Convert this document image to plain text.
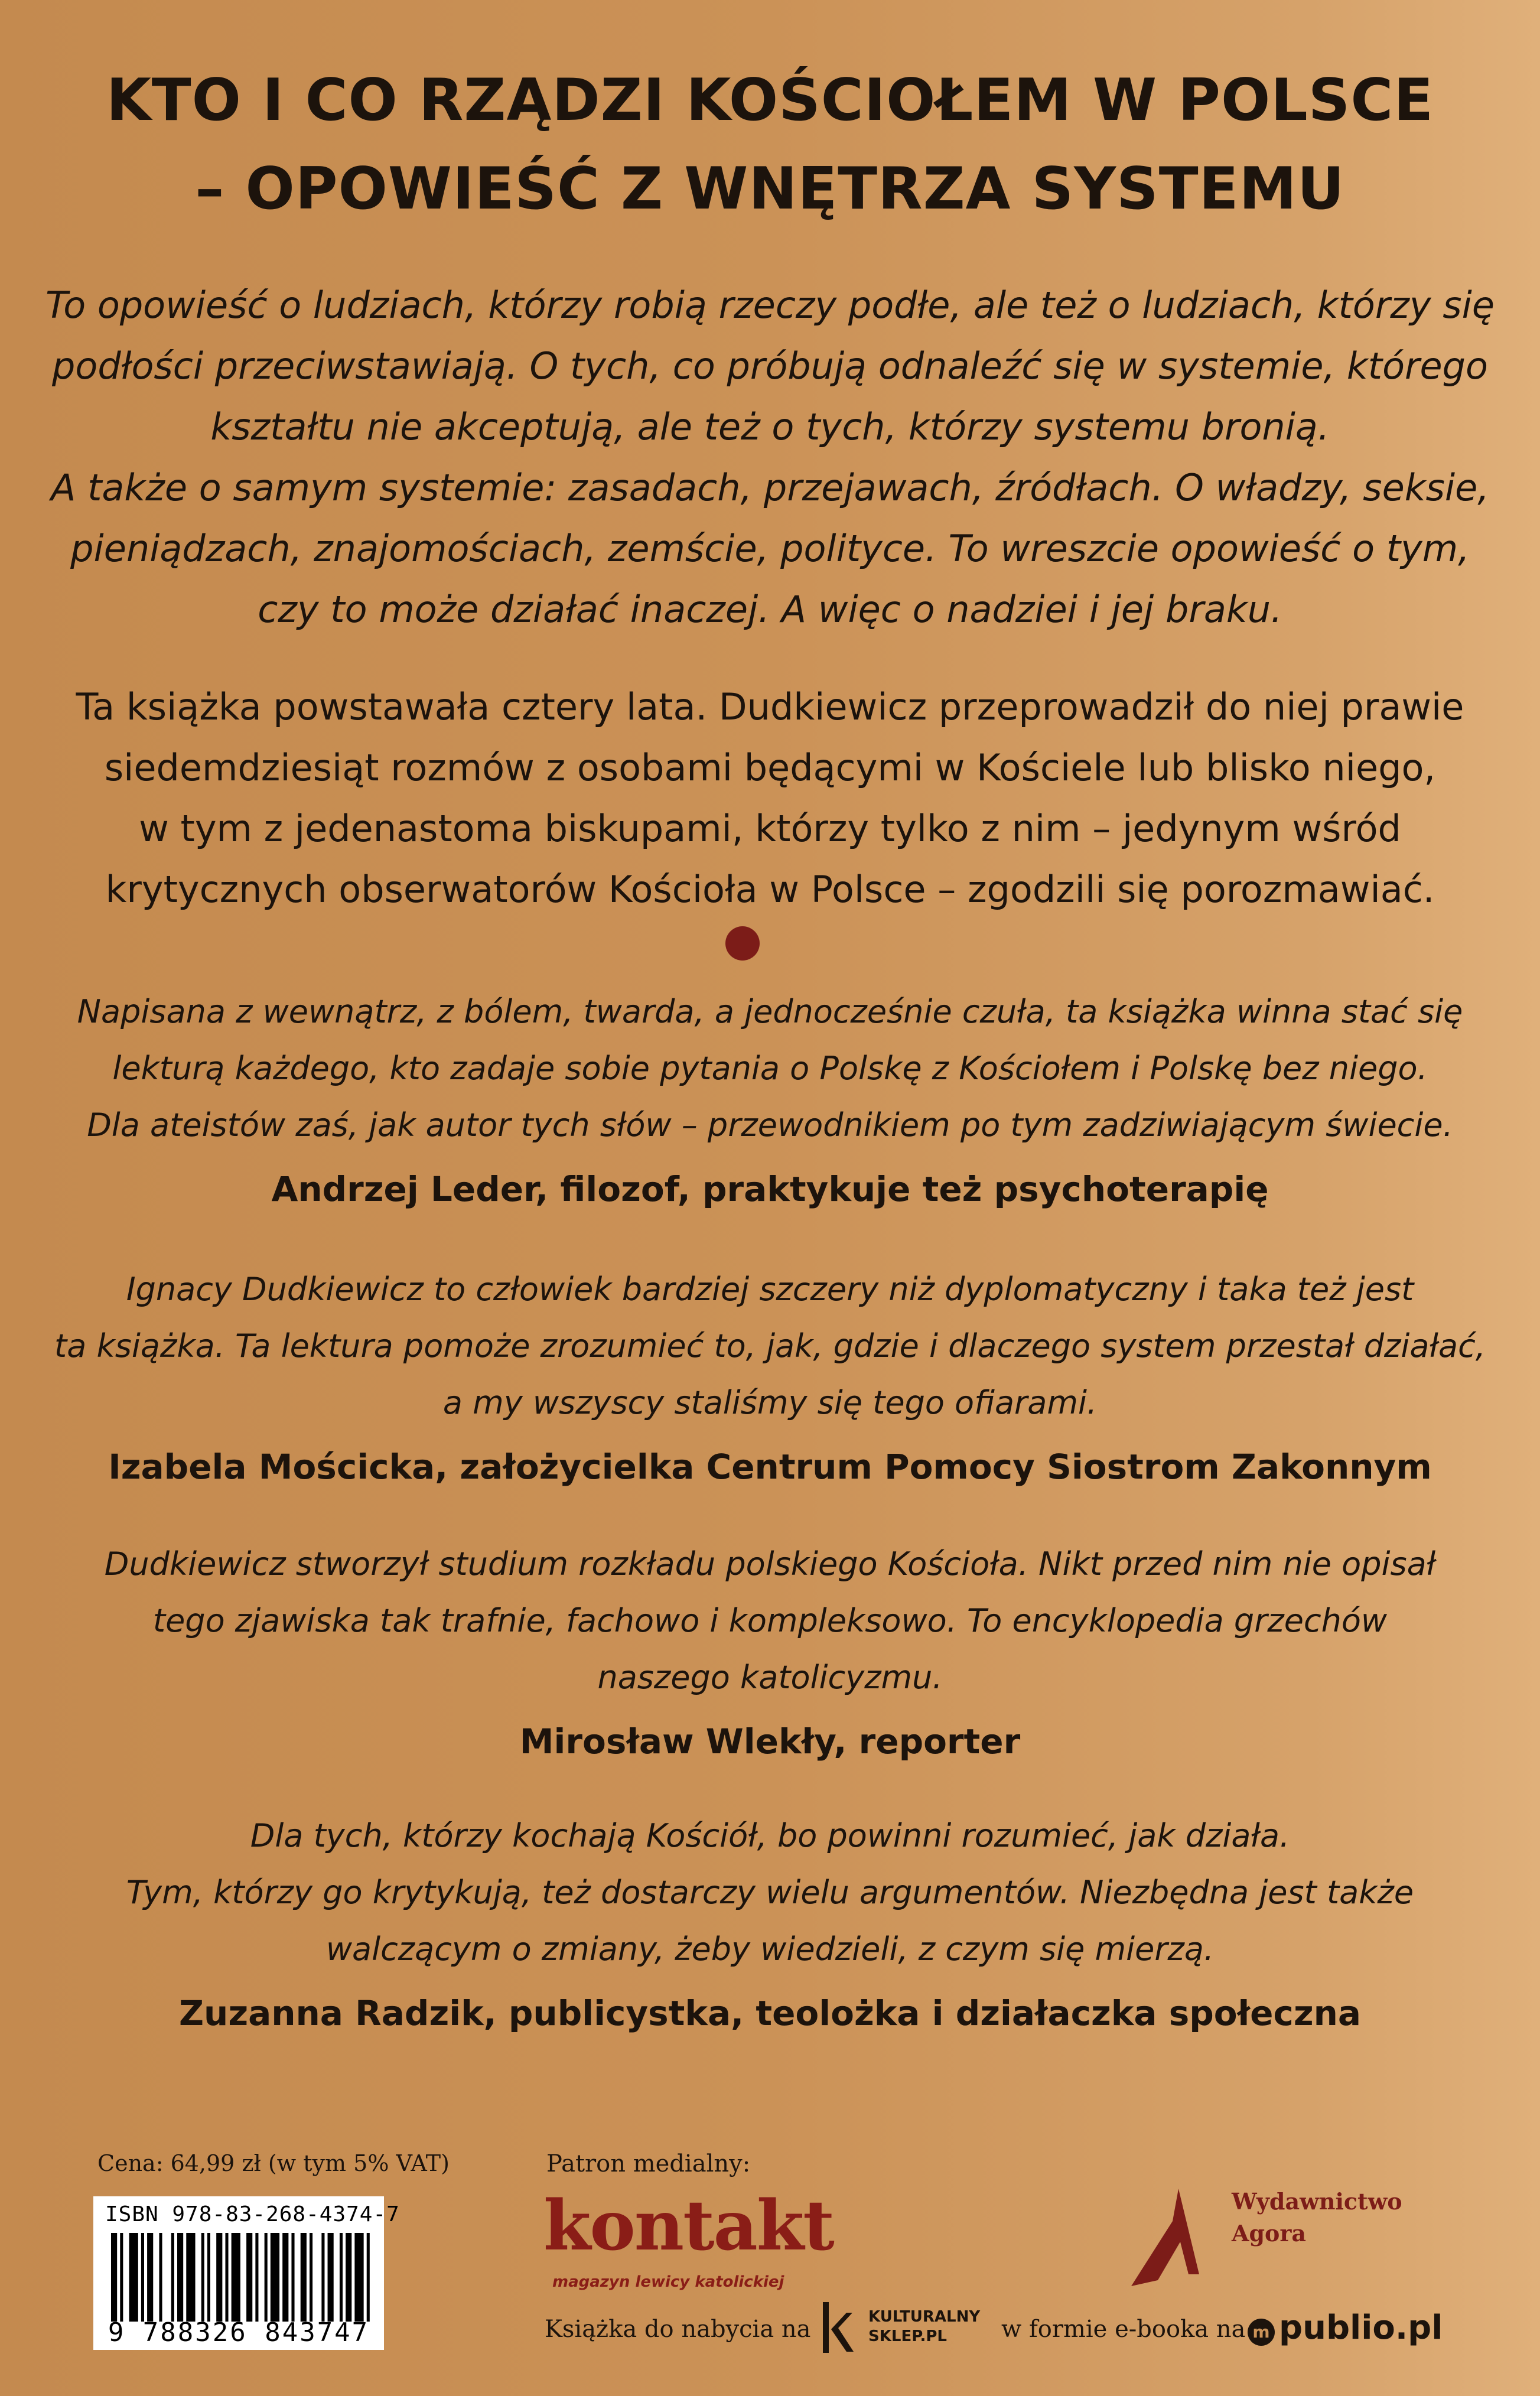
KTO I CO RZĄDZI KOŚCIOŁEM W POLSCE
– OPOWIEŚĆ Z WNĘTRZA SYSTEMU
To opowieść o ludziach, którzy robią rzeczy podłe, ale też o ludziach, którzy się
podłości przeciwstawiają. O tych, co próbują odnaleźć się w systemie, którego
kształtu nie akceptują, ale też o tych, którzy systemu bronią.
A także o samym systemie: zasadach, przejawach, źródłach. O władzy, seksie,
pieniądzach, znajomościach, zemście, polityce. To wreszcie opowieść o tym,
czy to może działać inaczej. A więc o nadziei i jej braku.
Ta książka powstawała cztery lata. Dudkiewicz przeprowadził do niej prawie
siedemdziesiąt rozmów z osobami będącymi w Kościele lub blisko niego,
w tym z jedenastoma biskupami, którzy tylko z nim – jedynym wśród
krytycznych obserwatorów Kościoła w Polsce – zgodzili się porozmawiać.
Napisana z wewnątrz, z bólem, twarda, a jednocześnie czuła, ta książka winna stać się
lekturą każdego, kto zadaje sobie pytania o Polskę z Kościołem i Polskę bez niego.
Dla ateistów zaś, jak autor tych słów – przewodnikiem po tym zadziwiającym świecie.
Andrzej Leder, filozof, praktykuje też psychoterapię
Ignacy Dudkiewicz to człowiek bardziej szczery niż dyplomatyczny i taka też jest
ta książka. Ta lektura pomoże zrozumieć to, jak, gdzie i dlaczego system przestał działać,
a my wszyscy staliśmy się tego ofiarami.
Izabela Mościcka, założycielka Centrum Pomocy Siostrom Zakonnym
Dudkiewicz stworzył studium rozkładu polskiego Kościoła. Nikt przed nim nie opisał
tego zjawiska tak trafnie, fachowo i kompleksowo. To encyklopedia grzechów
naszego katolicyzmu.
Mirosław Wlekły, reporter
Dla tych, którzy kochają Kościół, bo powinni rozumieć, jak działa.
Tym, którzy go krytykują, też dostarczy wielu argumentów. Niezbędna jest także
walczącym o zmiany, żeby wiedzieli, z czym się mierzą.
Zuzanna Radzik, publicystka, teolożka i działaczka społeczna
Cena: 64,99 zł (w tym 5% VAT)
ISBN 978-83-268-4374-7
9 788326 843747
Patron medialny:
kontakt
magazyn lewicy katolickiej
Wydawnictwo
Agora
Książka do nabycia na	KULTURALNY
SKLEP.PL	w formie e-booka na m publio.pl
